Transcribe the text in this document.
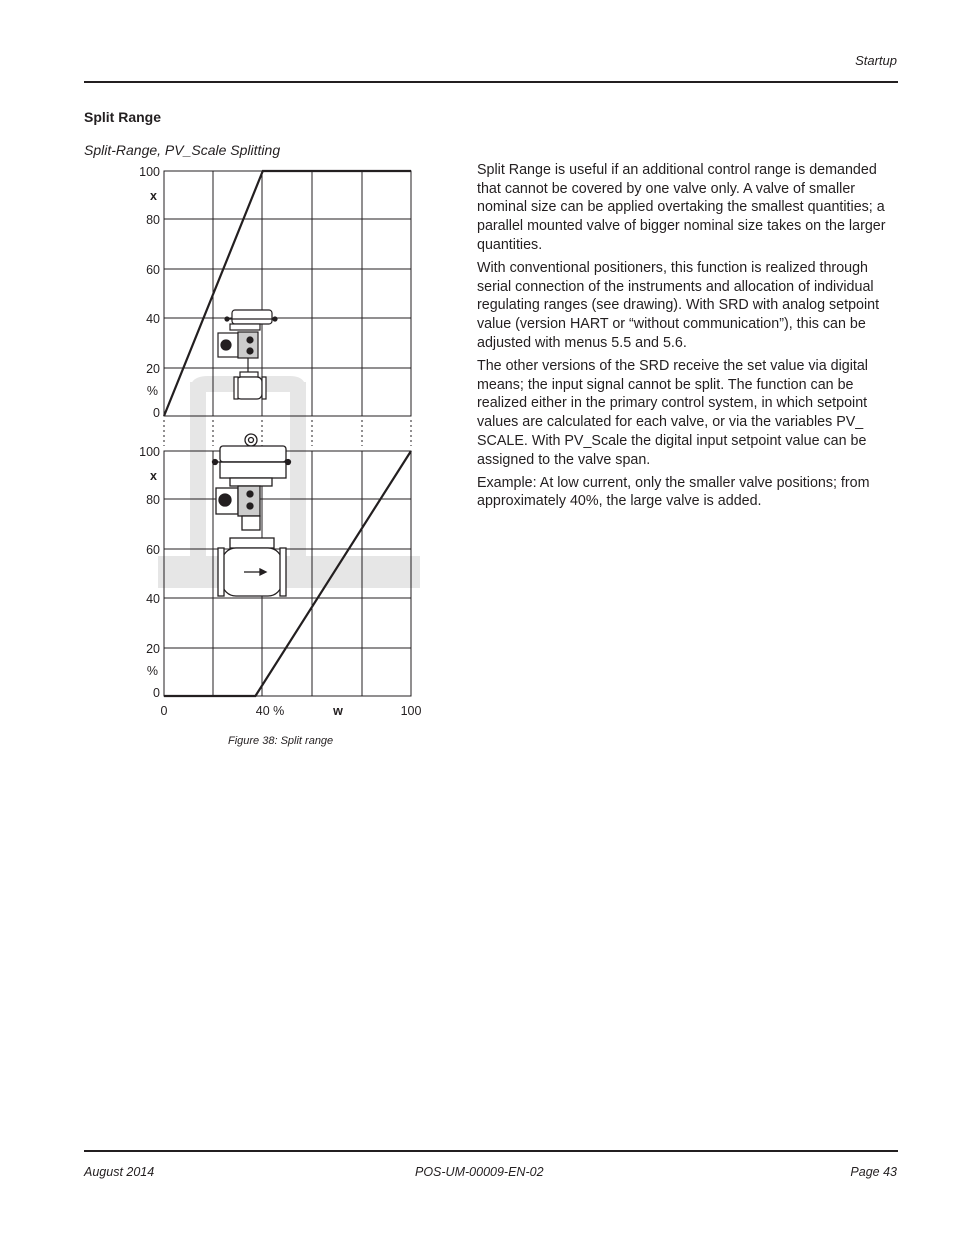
Startup
Split Range
Split-Range, PV_Scale Splitting
100
x
80
60
40
20
%
0
100
x
80
60
40
20
%
0
0	40 %	w	100
Figure 38: Split range

Split Range is useful if an additional control range is demanded that cannot be covered by one valve only. A valve of smaller nominal size can be applied overtaking the smallest quantities; a parallel mounted valve of bigger nominal size takes on the larger quantities.

With conventional positioners, this function is realized through serial connection of the instruments and allocation of individual regulating ranges (see drawing). With SRD with analog setpoint value (version HART or “without communication”), this can be adjusted with menus 5.5 and 5.6.

The other versions of the SRD receive the set value via digital means; the input signal cannot be split. The function can be realized either in the primary control system, in which setpoint values are calculated for each valve, or via the variables PV_ SCALE. With PV_Scale the digital input setpoint value can be assigned to the valve span.

Example: At low current, only the smaller valve positions; from approximately 40%, the large valve is added.

August 2014	POS-UM-00009-EN-02	Page 43
